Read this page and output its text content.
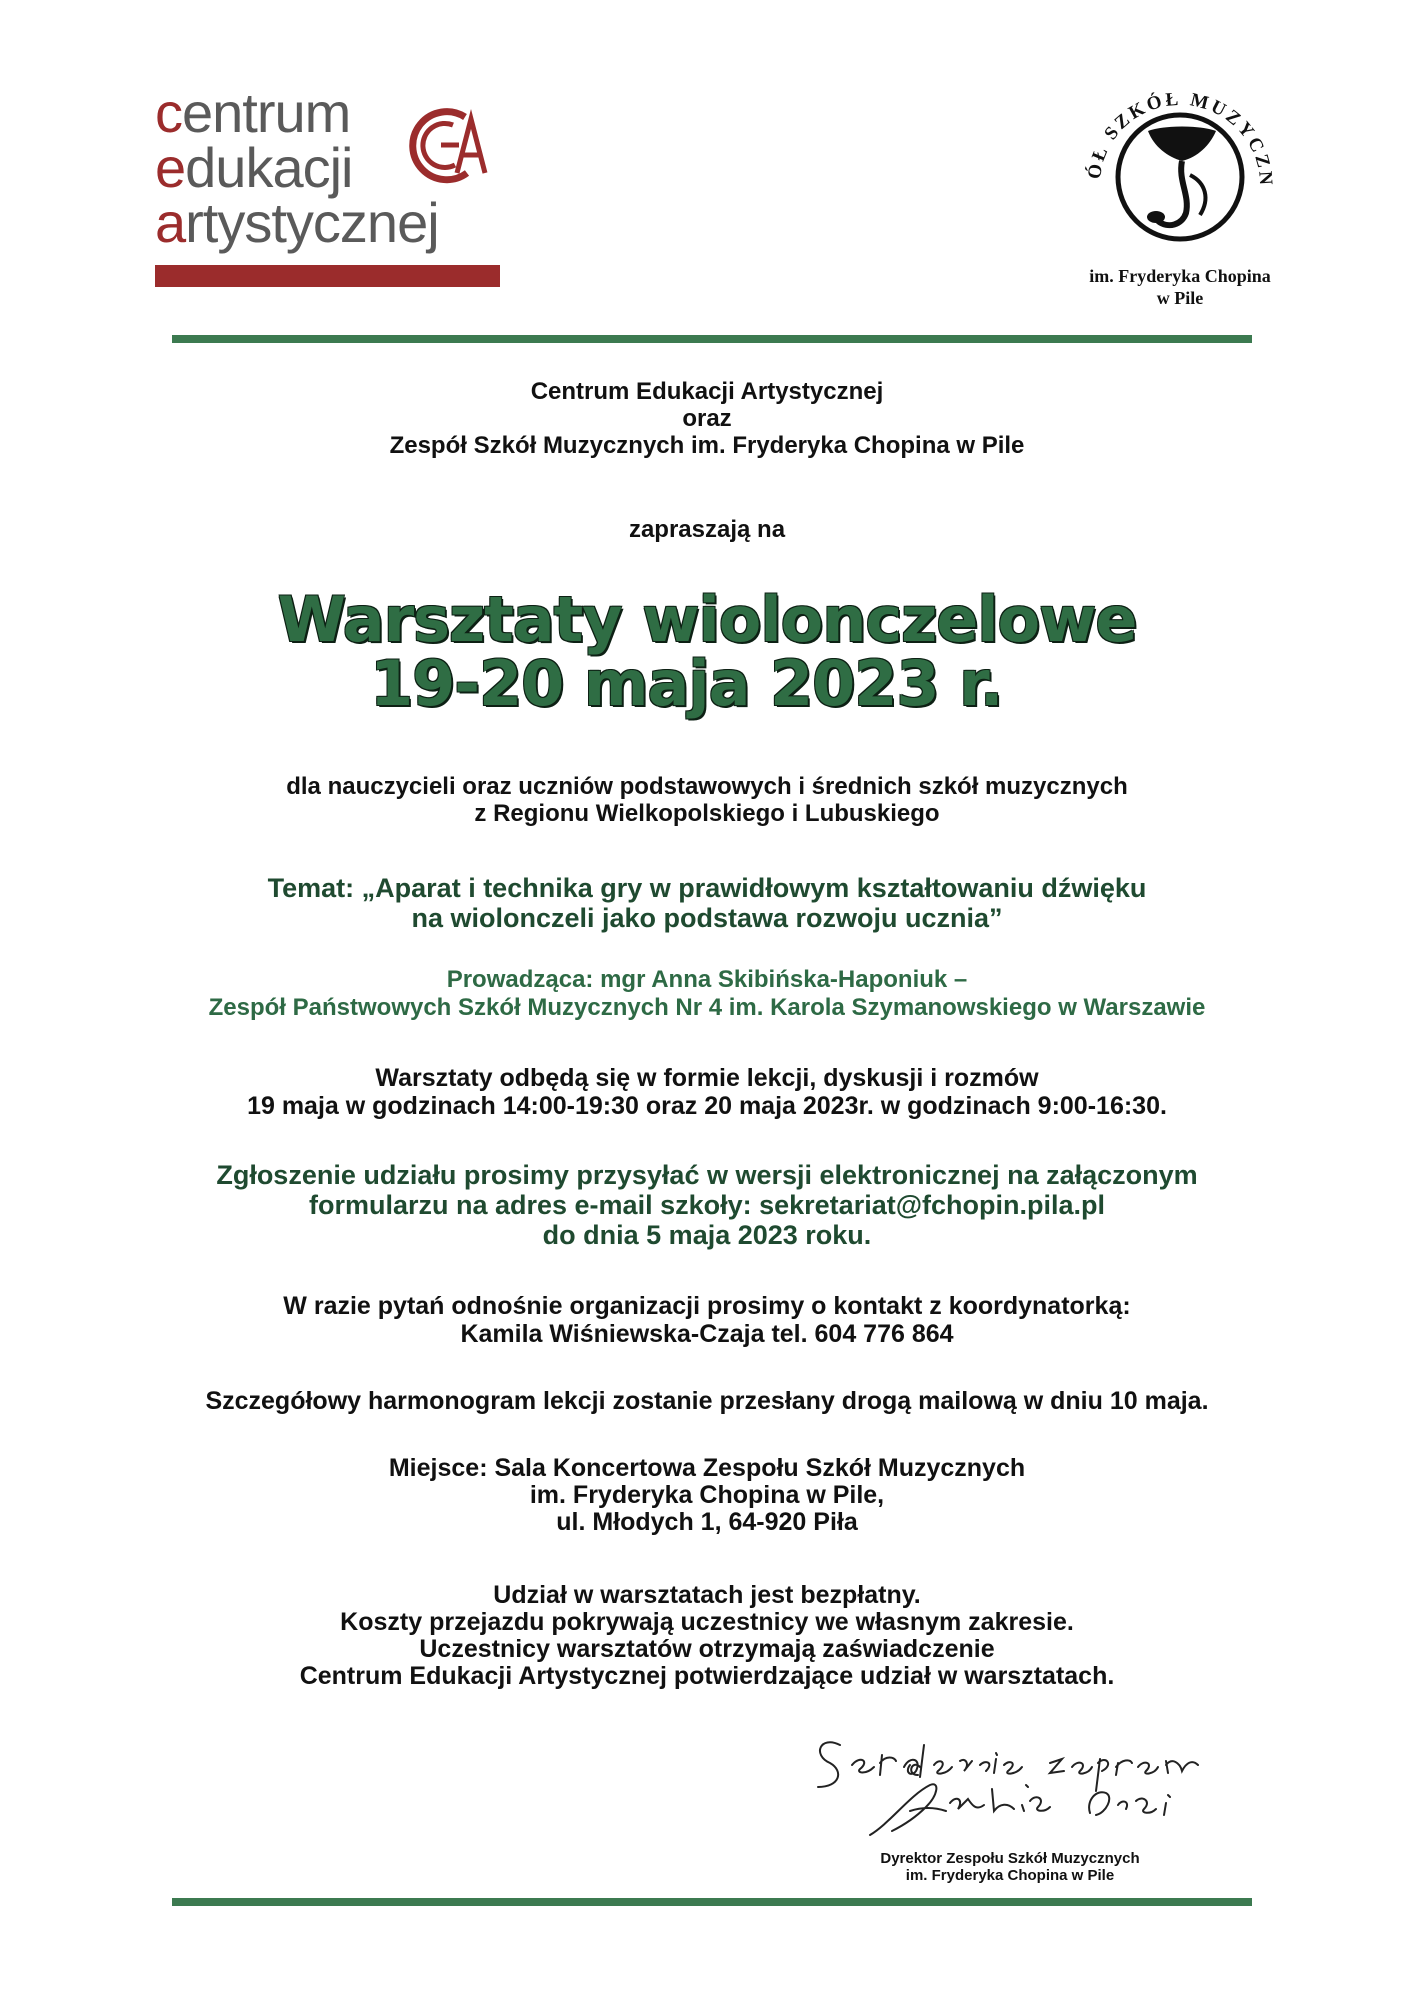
centrum
edukacji
artystycznej
ÓŁ SZKÓŁ MUZYCZN
im. Fryderyka Chopina
w Pile

Centrum Edukacji Artystycznej

oraz

Zespół Szkół Muzycznych im. Fryderyka Chopina w Pile

zapraszają na
Warsztaty wiolonczelowe
19-20 maja 2023 r.

dla nauczycieli oraz uczniów podstawowych i średnich szkół muzycznych

z Regionu Wielkopolskiego i Lubuskiego

Temat: „Aparat i technika gry w prawidłowym kształtowaniu dźwięku

na wiolonczeli jako podstawa rozwoju ucznia”

Prowadząca: mgr Anna Skibińska-Haponiuk –

Zespół Państwowych Szkół Muzycznych Nr 4 im. Karola Szymanowskiego w Warszawie

Warsztaty odbędą się w formie lekcji, dyskusji i rozmów

19 maja w godzinach 14:00-19:30 oraz 20 maja 2023r. w godzinach 9:00-16:30.

Zgłoszenie udziału prosimy przysyłać w wersji elektronicznej na załączonym

formularzu na adres e-mail szkoły: sekretariat@fchopin.pila.pl

do dnia 5 maja 2023 roku.

W razie pytań odnośnie organizacji prosimy o kontakt z koordynatorką:

Kamila Wiśniewska-Czaja tel. 604 776 864

Szczegółowy harmonogram lekcji zostanie przesłany drogą mailową w dniu 10 maja.

Miejsce: Sala Koncertowa Zespołu Szkół Muzycznych

im. Fryderyka Chopina w Pile,

ul. Młodych 1, 64-920 Piła

Udział w warsztatach jest bezpłatny.

Koszty przejazdu pokrywają uczestnicy we własnym zakresie.

Uczestnicy warsztatów otrzymają zaświadczenie

Centrum Edukacji Artystycznej potwierdzające udział w warsztatach.

Dyrektor Zespołu Szkół Muzycznych

im. Fryderyka Chopina w Pile
